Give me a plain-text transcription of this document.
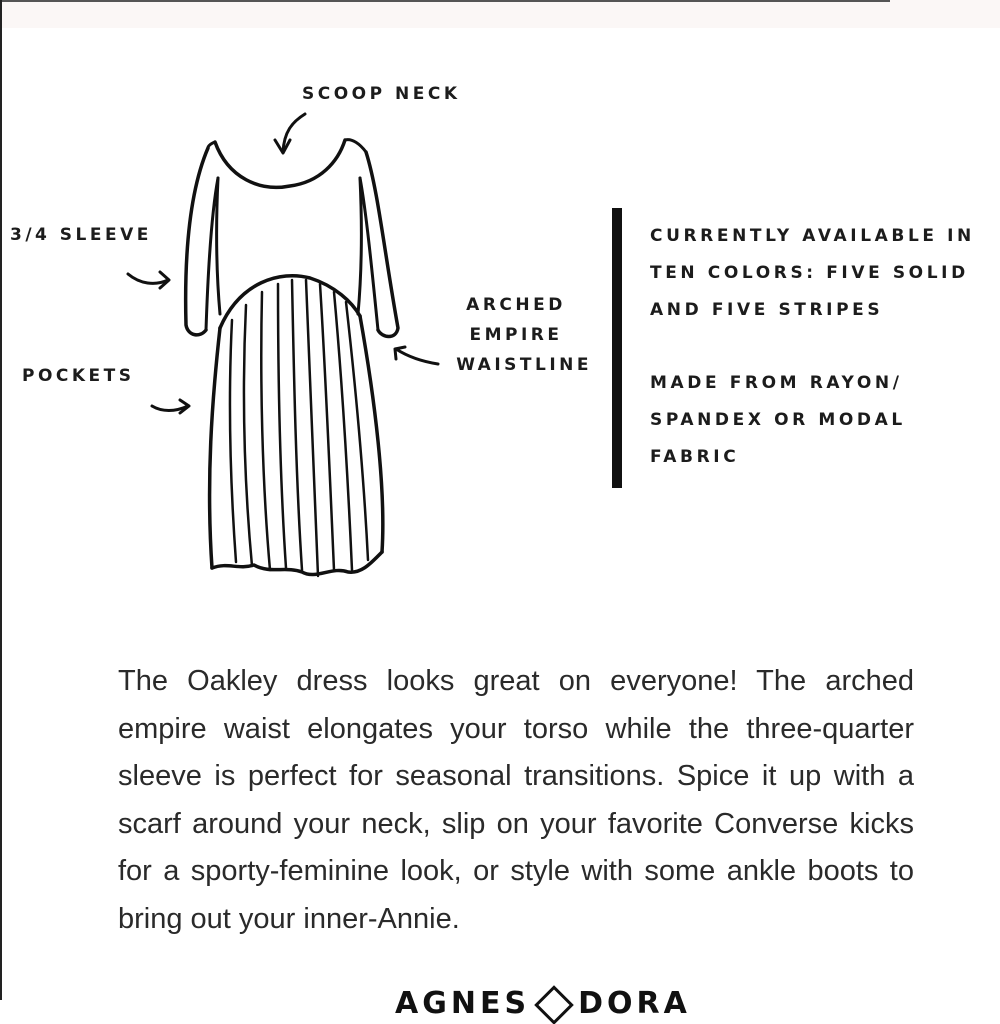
SCOOP NECK
3/4 SLEEVE
POCKETS
ARCHED
EMPIRE
WAISTLINE
CURRENTLY AVAILABLE IN
TEN COLORS: FIVE SOLID
AND FIVE STRIPES
MADE FROM RAYON/
SPANDEX OR MODAL
FABRIC

The Oakley dress looks great on everyone! The arched empire waist elongates your torso while the three-quarter sleeve is perfect for seasonal transitions. Spice it up with a scarf around your neck, slip on your favorite Converse kicks for a sporty-feminine look, or style with some ankle boots to bring out your inner-Annie.

AGNES DORA
